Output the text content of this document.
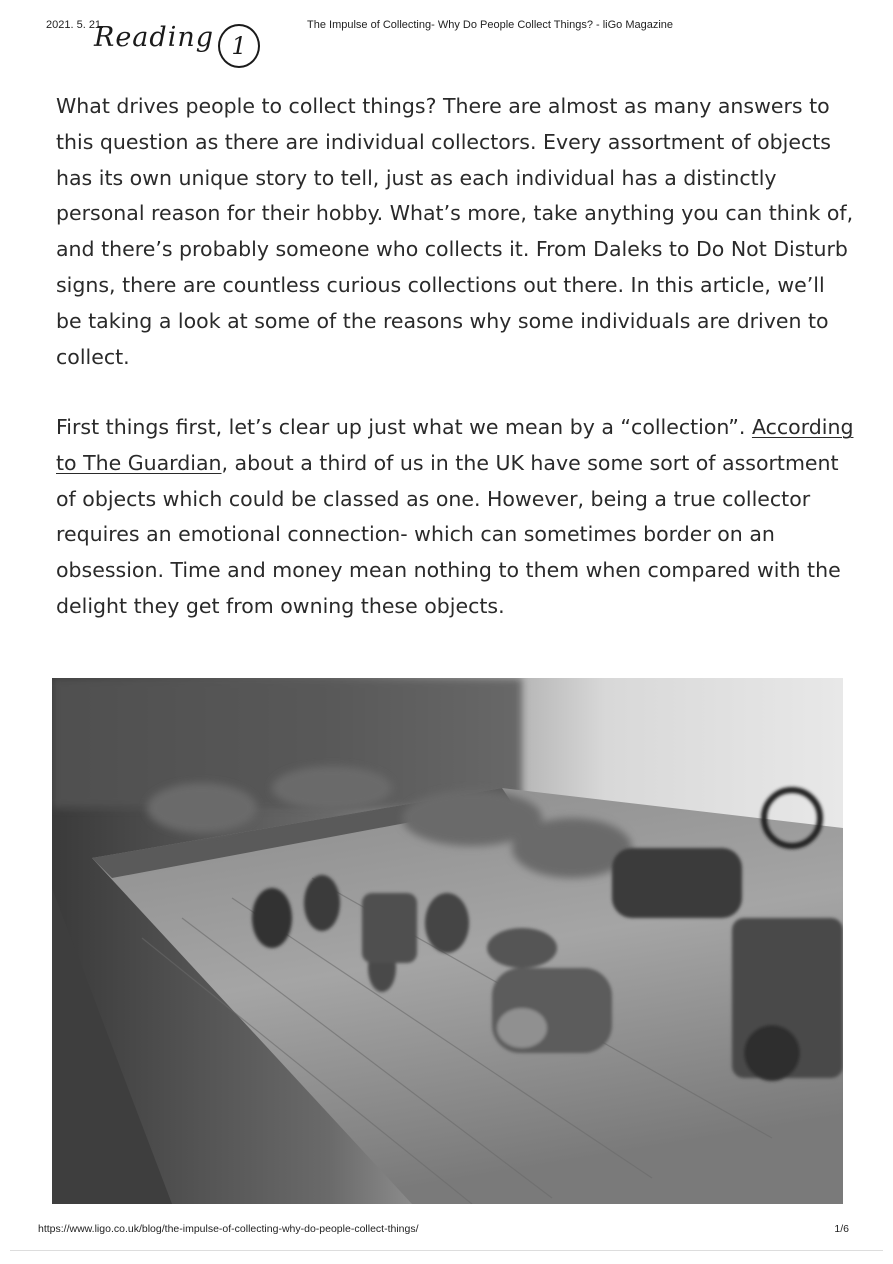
2021. 5. 21.	The Impulse of Collecting- Why Do People Collect Things? - liGo Magazine
Reading 1

What drives people to collect things? There are almost as many answers to this question as there are individual collectors. Every assortment of objects has its own unique story to tell, just as each individual has a distinctly personal reason for their hobby. What’s more, take anything you can think of, and there’s probably someone who collects it. From Daleks to Do Not Disturb signs, there are countless curious collections out there. In this article, we’ll be taking a look at some of the reasons why some individuals are driven to collect.

First things first, let’s clear up just what we mean by a “collection”. According to The Guardian, about a third of us in the UK have some sort of assortment of objects which could be classed as one. However, being a true collector requires an emotional connection- which can sometimes border on an obsession. Time and money mean nothing to them when compared with the delight they get from owning these objects.

https://www.ligo.co.uk/blog/the-impulse-of-collecting-why-do-people-collect-things/	1/6
